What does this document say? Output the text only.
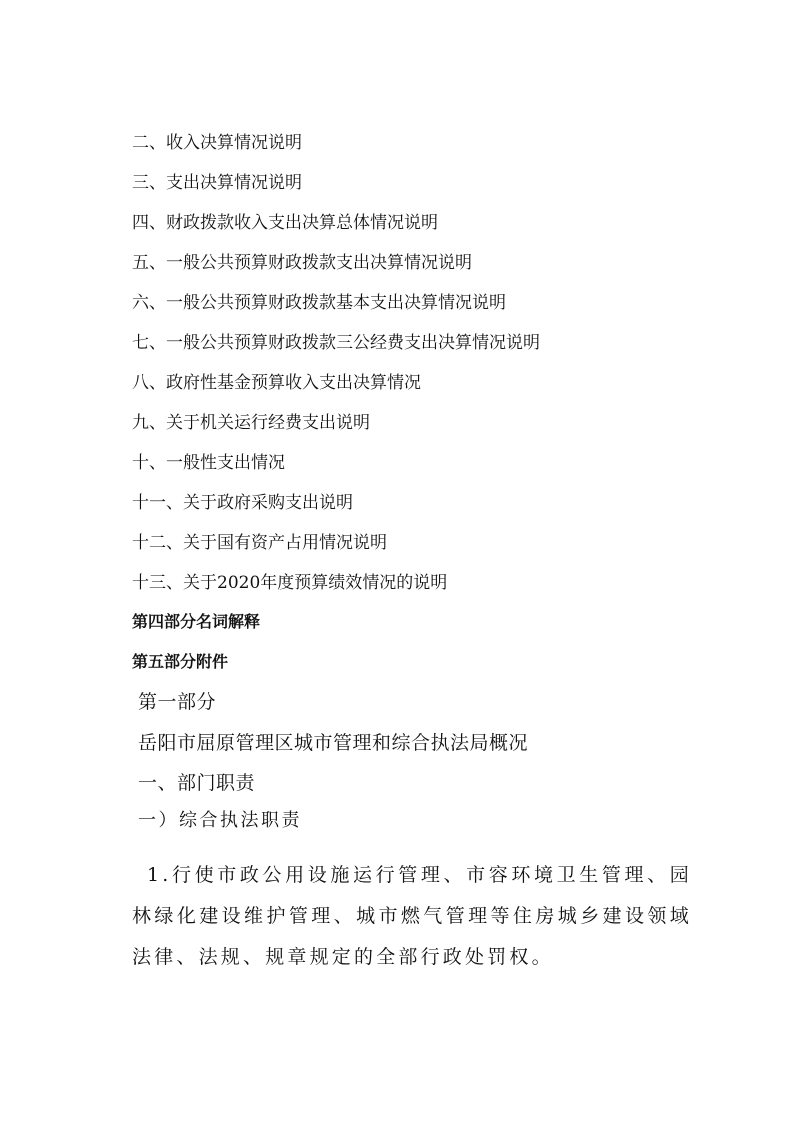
二、收入决算情况说明

三、支出决算情况说明

四、财政拨款收入支出决算总体情况说明

五、一般公共预算财政拨款支出决算情况说明

六、一般公共预算财政拨款基本支出决算情况说明

七、一般公共预算财政拨款三公经费支出决算情况说明

八、政府性基金预算收入支出决算情况

九、关于机关运行经费支出说明

十、一般性支出情况

十一、关于政府采购支出说明

十二、关于国有资产占用情况说明

十三、关于2020年度预算绩效情况的说明

第四部分名词解释

第五部分附件

第一部分

岳阳市屈原管理区城市管理和综合执法局概况

一、部门职责

一）综合执法职责

1.行使市政公用设施运行管理、市容环境卫生管理、园林绿化建设维护管理、城市燃气管理等住房城乡建设领域法律、法规、规章规定的全部行政处罚权。
